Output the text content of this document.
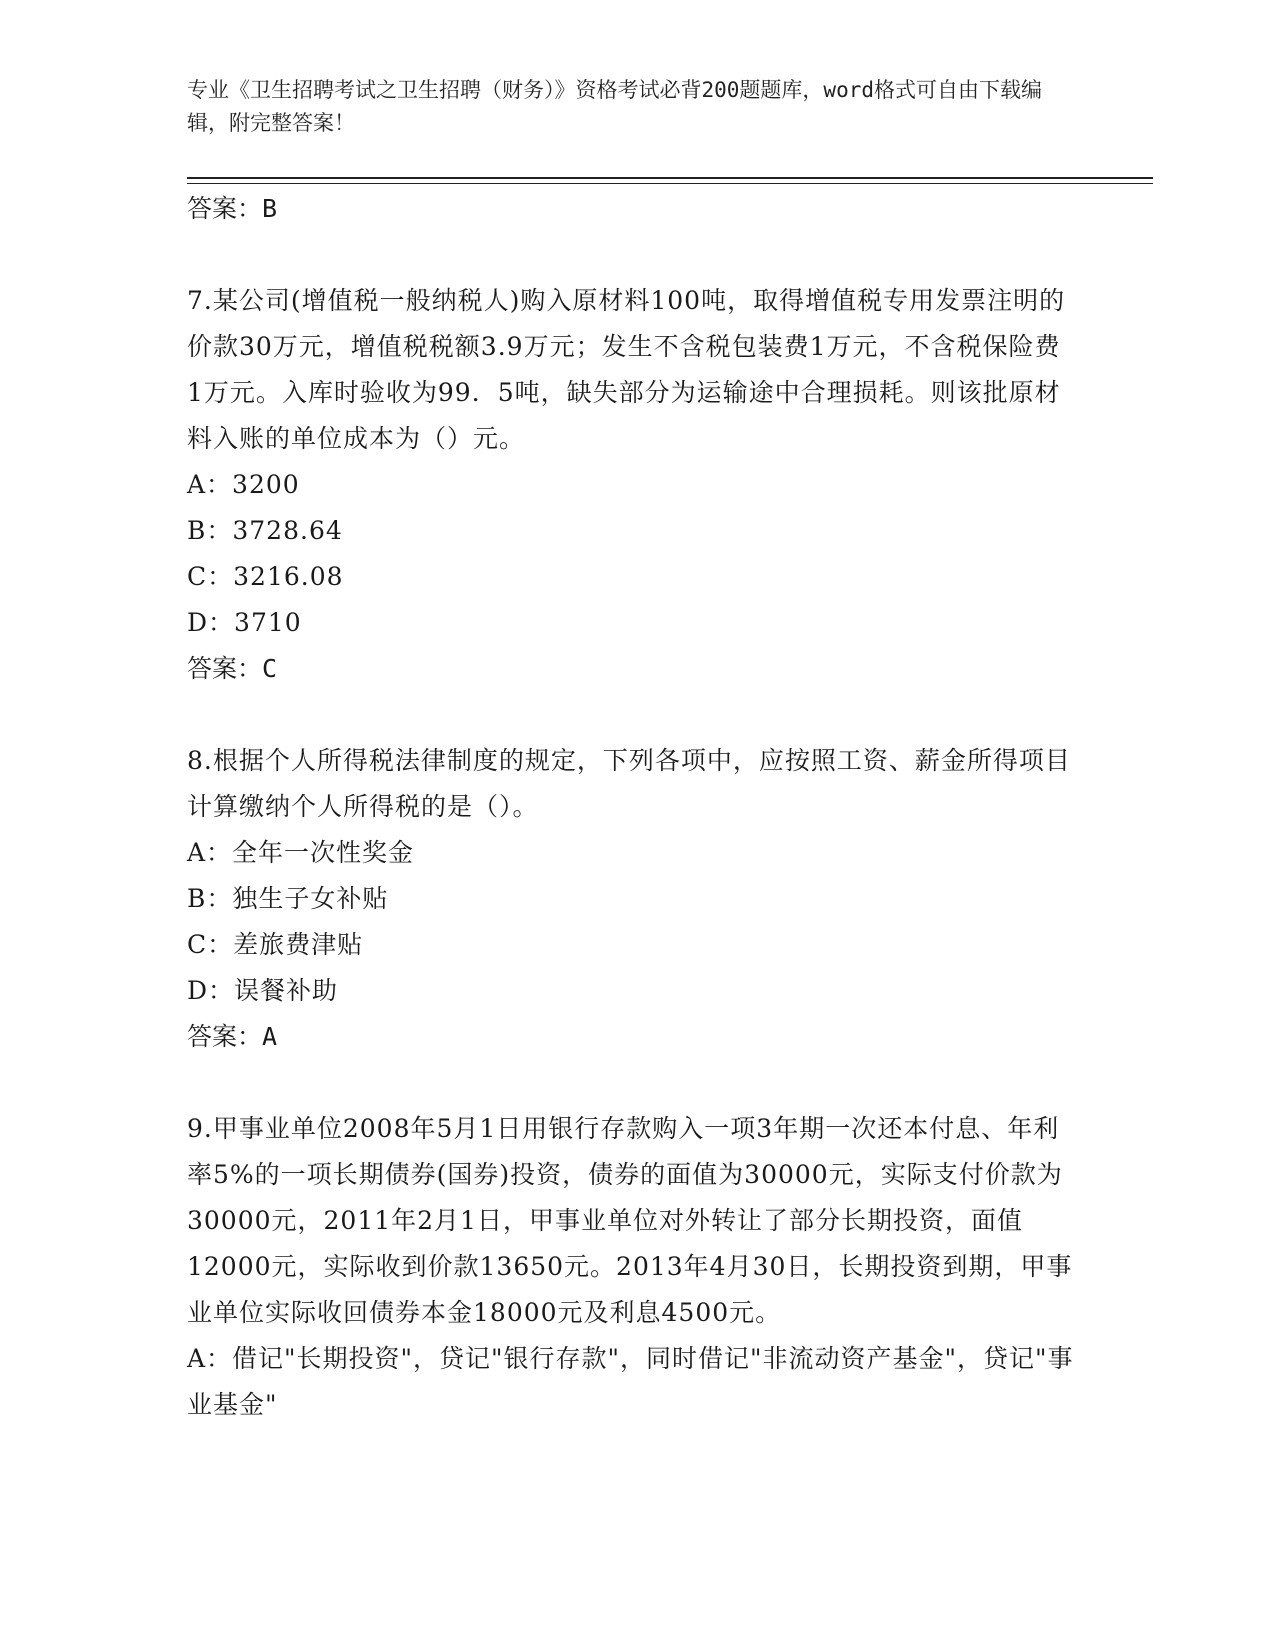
专业《卫生招聘考试之卫生招聘（财务）》资格考试必背200题题库，word格式可自由下载编辑，附完整答案！
答案：B
7.某公司(增值税一般纳税人)购入原材料100吨，取得增值税专用发票注明的价款30万元，增值税税额3.9万元；发生不含税包装费1万元，不含税保险费1万元。入库时验收为99．5吨，缺失部分为运输途中合理损耗。则该批原材料入账的单位成本为（）元。
A：3200
B：3728.64
C：3216.08
D：3710
答案：C
8.根据个人所得税法律制度的规定，下列各项中，应按照工资、薪金所得项目计算缴纳个人所得税的是（）。
A：全年一次性奖金
B：独生子女补贴
C：差旅费津贴
D：误餐补助
答案：A
9.甲事业单位2008年5月1日用银行存款购入一项3年期一次还本付息、年利率5%的一项长期债券(国券)投资，债券的面值为30000元，实际支付价款为30000元，2011年2月1日，甲事业单位对外转让了部分长期投资，面值12000元，实际收到价款13650元。2013年4月30日，长期投资到期，甲事业单位实际收回债券本金18000元及利息4500元。
A：借记"长期投资"，贷记"银行存款"，同时借记"非流动资产基金"，贷记"事业基金"
